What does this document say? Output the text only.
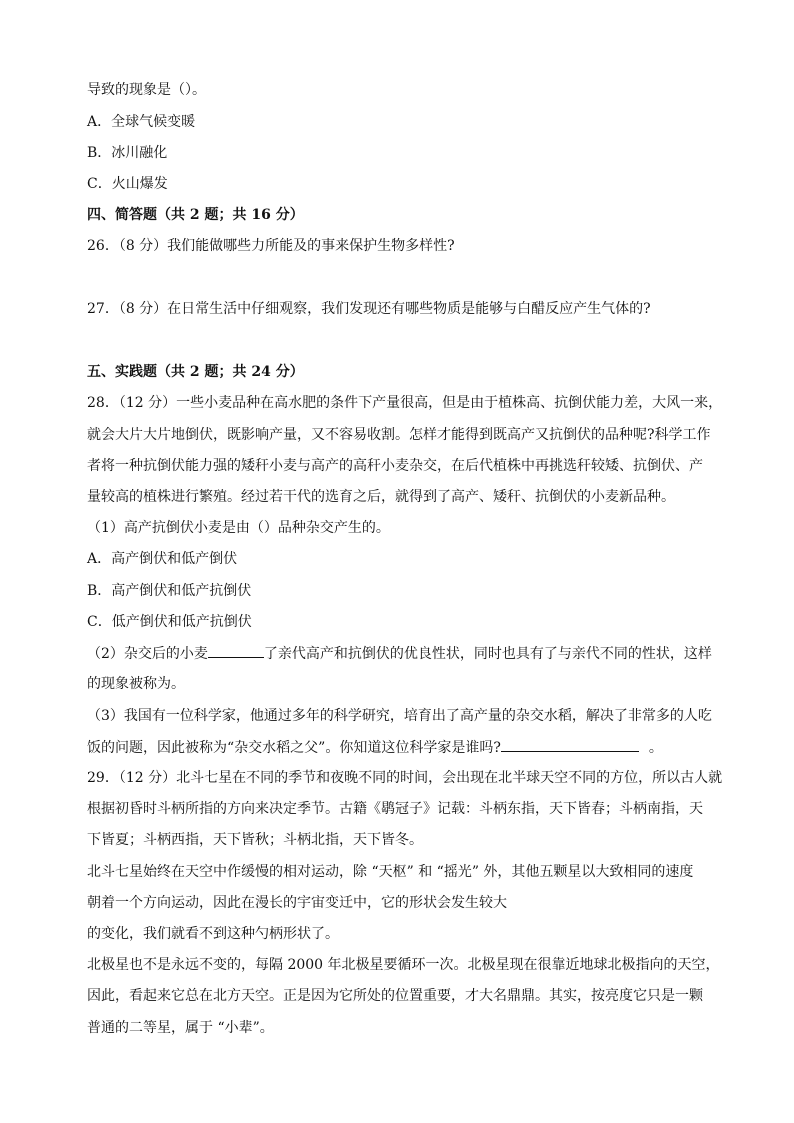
导致的现象是（）。
A．全球气候变暖
B．冰川融化
C．火山爆发
四、简答题（共 2 题；共 16 分）
26．（8 分）我们能做哪些力所能及的事来保护生物多样性?
27．（8 分）在日常生活中仔细观察，我们发现还有哪些物质是能够与白醋反应产生气体的?
五、实践题（共 2 题；共 24 分）
28．（12 分）一些小麦品种在高水肥的条件下产量很高，但是由于植株高、抗倒伏能力差，大风一来，
就会大片大片地倒伏，既影响产量，又不容易收割。怎样才能得到既高产又抗倒伏的品种呢?科学工作
者将一种抗倒伏能力强的矮秆小麦与高产的高秆小麦杂交，在后代植株中再挑选秆较矮、抗倒伏、产
量较高的植株进行繁殖。经过若干代的选育之后，就得到了高产、矮秆、抗倒伏的小麦新品种。
（1）高产抗倒伏小麦是由（）品种杂交产生的。
A．高产倒伏和低产倒伏
B．高产倒伏和低产抗倒伏
C．低产倒伏和低产抗倒伏
（2）杂交后的小麦	了亲代高产和抗倒伏的优良性状，同时也具有了与亲代不同的性状，这样
的现象被称为。
（3）我国有一位科学家，他通过多年的科学研究，培育出了高产量的杂交水稻，解决了非常多的人吃
饭的问题，因此被称为“杂交水稻之父”。你知道这位科学家是谁吗?	。
29．（12 分）北斗七星在不同的季节和夜晚不同的时间，会出现在北半球天空不同的方位，所以古人就
根据初昏时斗柄所指的方向来决定季节。古籍《鹖冠子》记载：斗柄东指，天下皆春；斗柄南指，天
下皆夏；斗柄西指，天下皆秋；斗柄北指，天下皆冬。
北斗七星始终在天空中作缓慢的相对运动，除 “天枢” 和 “摇光” 外，其他五颗星以大致相同的速度
朝着一个方向运动，因此在漫长的宇宙变迁中，它的形状会发生较大
的变化，我们就看不到这种勺柄形状了。
北极星也不是永远不变的，每隔 2000 年北极星要循环一次。北极星现在很靠近地球北极指向的天空，
因此，看起来它总在北方天空。正是因为它所处的位置重要，才大名鼎鼎。其实，按亮度它只是一颗
普通的二等星，属于 “小辈”。
